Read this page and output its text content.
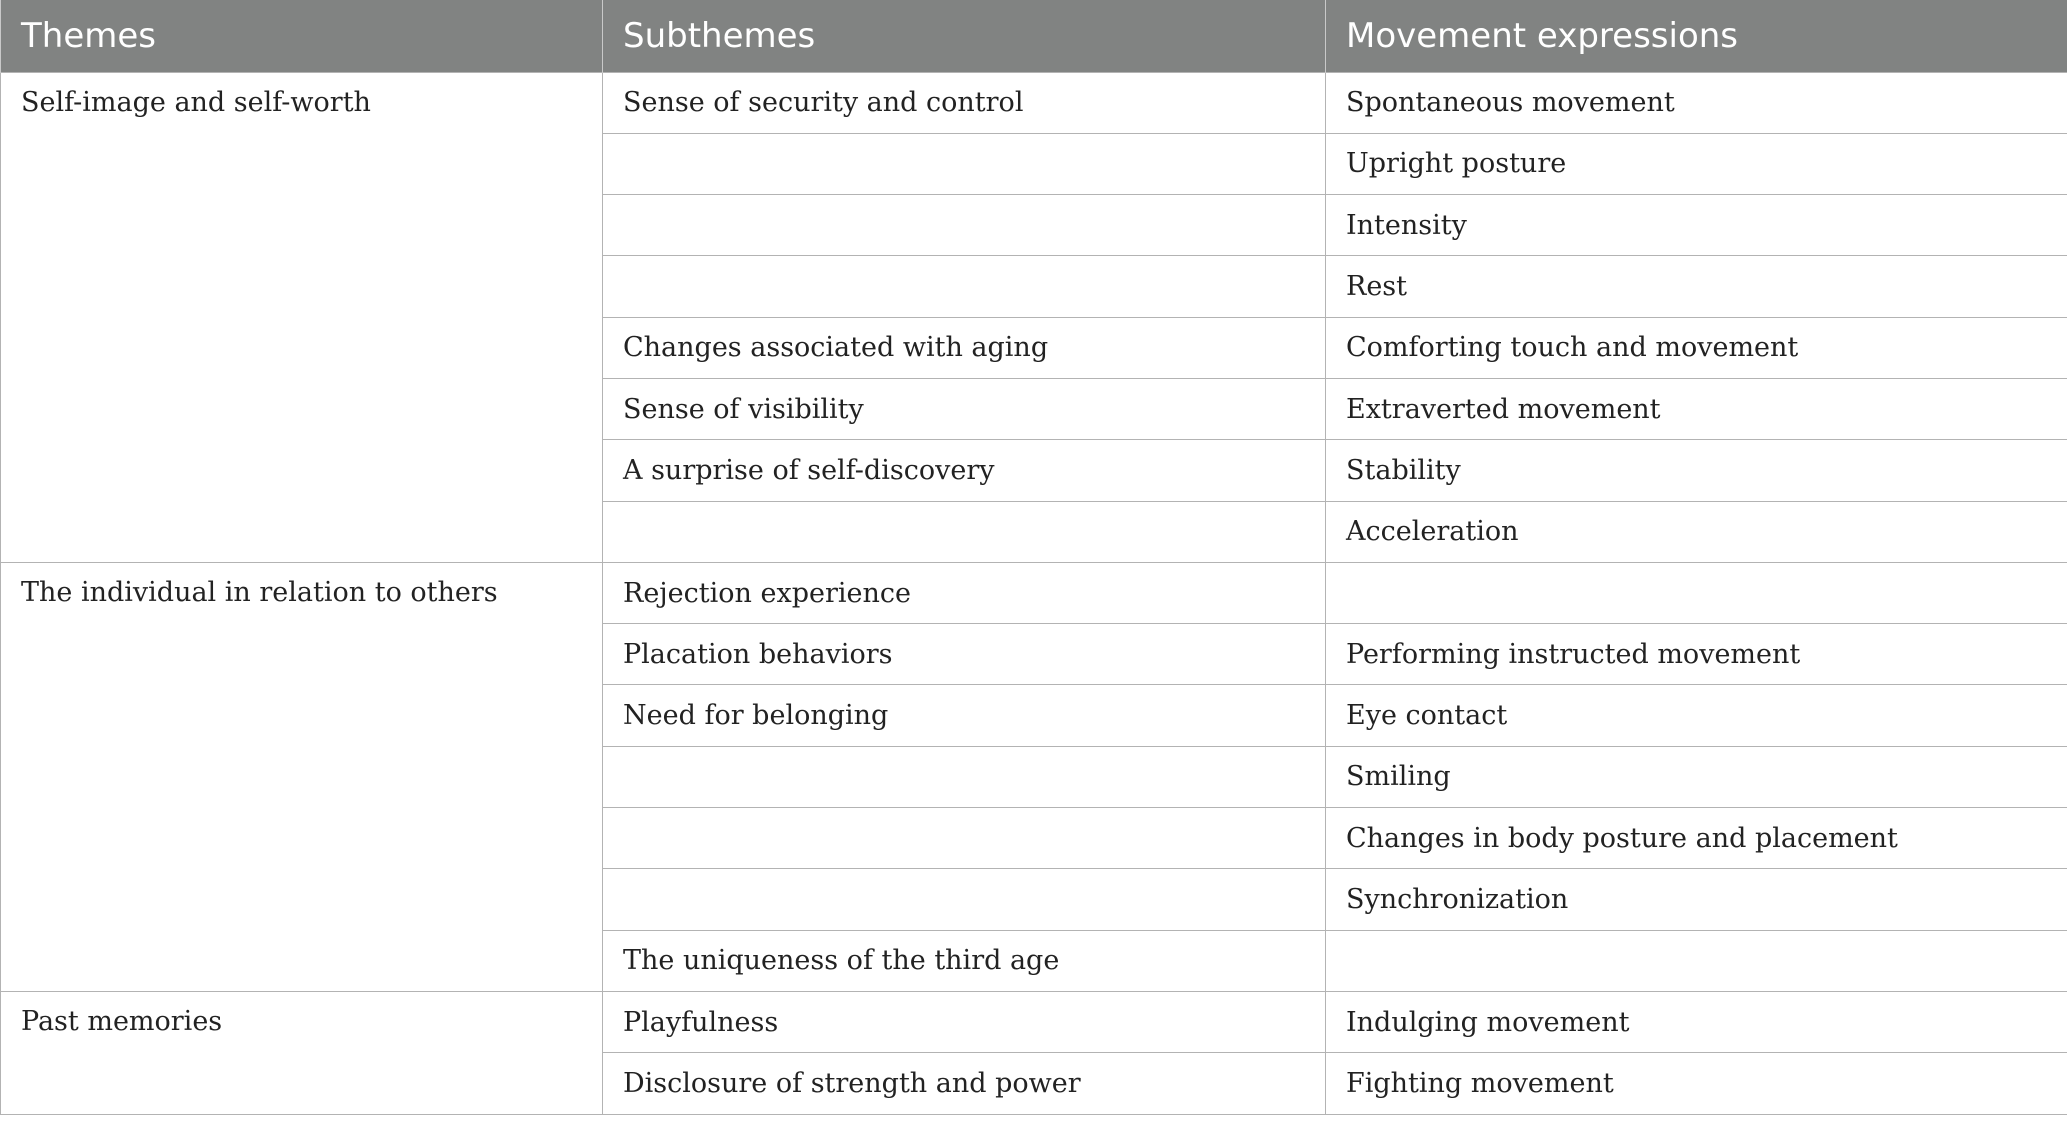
Themes	Subthemes	Movement expressions
Self-image and self-worth	Sense of security and control	Spontaneous movement
		Upright posture
		Intensity
		Rest
	Changes associated with aging	Comforting touch and movement
	Sense of visibility	Extraverted movement
	A surprise of self-discovery	Stability
		Acceleration
The individual in relation to others	Rejection experience	
	Placation behaviors	Performing instructed movement
	Need for belonging	Eye contact
		Smiling
		Changes in body posture and placement
		Synchronization
	The uniqueness of the third age	
Past memories	Playfulness	Indulging movement
	Disclosure of strength and power	Fighting movement
